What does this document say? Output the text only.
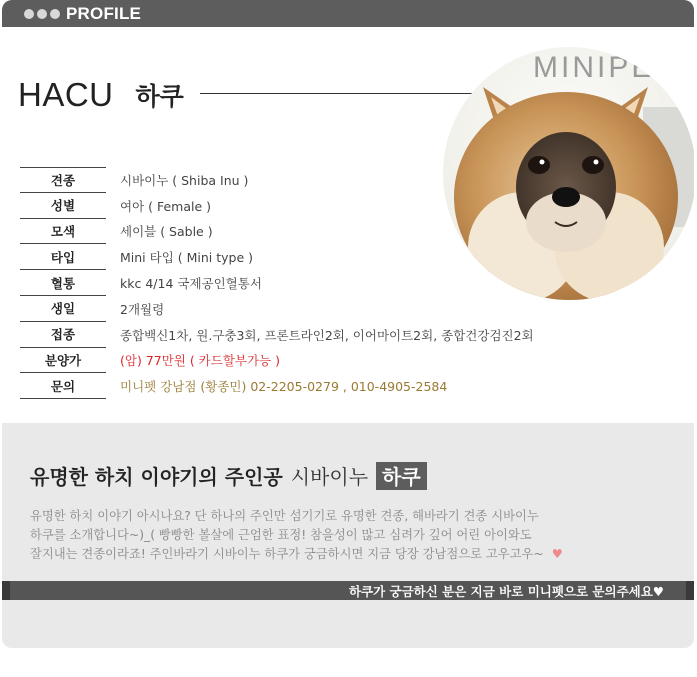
PROFILE
HACU 하쿠
MINIPE
견종	시바이누 ( Shiba Inu )
성별	여아 ( Female )
모색	세이블 ( Sable )
타입	Mini 타입 ( Mini type )
혈통	kkc 4/14 국제공인혈통서
생일	2개월령
접종	종합백신1차, 원.구충3회, 프론트라인2회, 이어마이트2회, 종합건강검진2회
분양가	(암) 77만원 ( 카드할부가능 )
문의	미니펫 강남점 (황종민) 02-2205-0279 , 010-4905-2584
유명한 하치 이야기의 주인공 시바이누 하쿠
유명한 하치 이야기 아시나요? 단 하나의 주인만 섬기기로 유명한 견종, 해바라기 견종 시바이누
하쿠를 소개합니다~)_( 빵빵한 볼살에 근엄한 표정! 참을성이 많고 심려가 깊어 어린 아이와도
잘지내는 견종이라죠! 주인바라기 시바이누 하쿠가 궁금하시면 지금 당장 강남점으로 고우고우~ ♥
하쿠가 궁금하신 분은 지금 바로 미니펫으로 문의주세요♥
